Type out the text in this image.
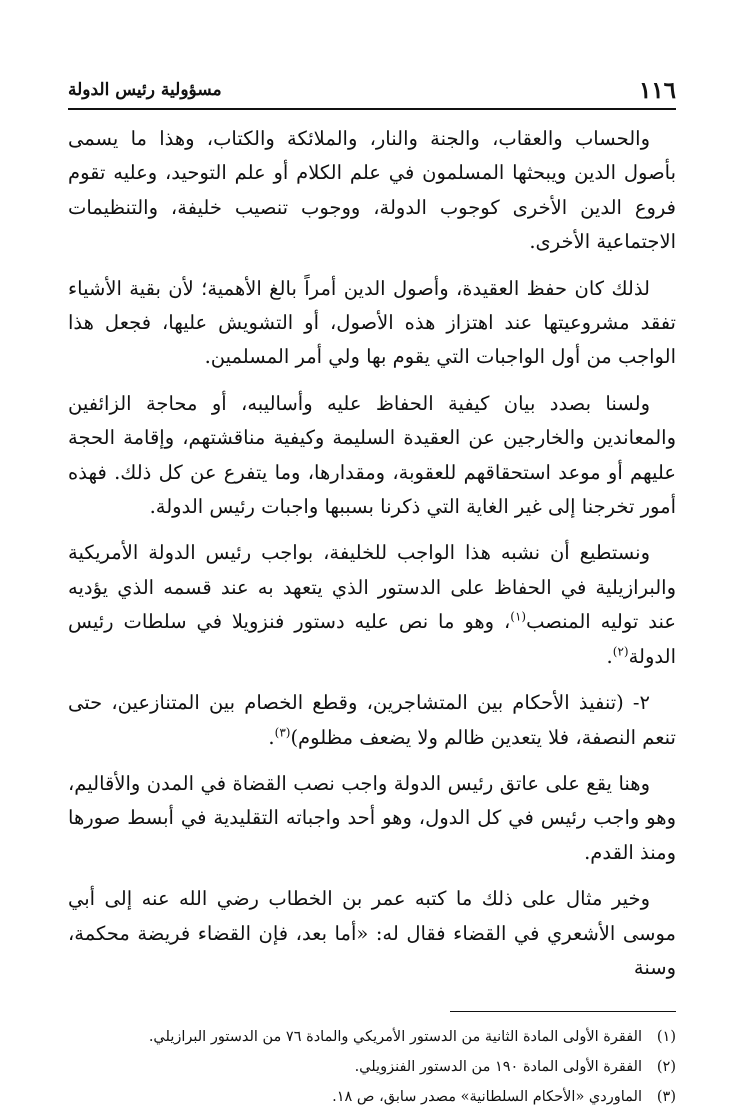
١١٦
مسؤولية رئيس الدولة

والحساب والعقاب، والجنة والنار، والملائكة والكتاب، وهذا ما يسمى بأصول الدين ويبحثها المسلمون في علم الكلام أو علم التوحيد، وعليه تقوم فروع الدين الأخرى كوجوب الدولة، ووجوب تنصيب خليفة، والتنظيمات الاجتماعية الأخرى.

لذلك كان حفظ العقيدة، وأصول الدين أمراً بالغ الأهمية؛ لأن بقية الأشياء تفقد مشروعيتها عند اهتزاز هذه الأصول، أو التشويش عليها، فجعل هذا الواجب من أول الواجبات التي يقوم بها ولي أمر المسلمين.

ولسنا بصدد بيان كيفية الحفاظ عليه وأساليبه، أو محاجة الزائفين والمعاندين والخارجين عن العقيدة السليمة وكيفية مناقشتهم، وإقامة الحجة عليهم أو موعد استحقاقهم للعقوبة، ومقدارها، وما يتفرع عن كل ذلك. فهذه أمور تخرجنا إلى غير الغاية التي ذكرنا بسببها واجبات رئيس الدولة.

ونستطيع أن نشبه هذا الواجب للخليفة، بواجب رئيس الدولة الأمريكية والبرازيلية في الحفاظ على الدستور الذي يتعهد به عند قسمه الذي يؤديه عند توليه المنصب$^{(١)}$، وهو ما نص عليه دستور فنزويلا في سلطات رئيس الدولة$^{(٢)}$.

٢- (تنفيذ الأحكام بين المتشاجرين، وقطع الخصام بين المتنازعين، حتى تنعم النصفة، فلا يتعدين ظالم ولا يضعف مظلوم)$^{(٣)}$.

وهنا يقع على عاتق رئيس الدولة واجب نصب القضاة في المدن والأقاليم، وهو واجب رئيس في كل الدول، وهو أحد واجباته التقليدية في أبسط صورها ومنذ القدم.

وخير مثال على ذلك ما كتبه عمر بن الخطاب رضي الله عنه إلى أبي موسى الأشعري في القضاء فقال له: «أما بعد، فإن القضاء فريضة محكمة، وسنة

(١)
الفقرة الأولى المادة الثانية من الدستور الأمريكي والمادة ٧٦ من الدستور البرازيلي.
(٢)
الفقرة الأولى المادة ١٩٠ من الدستور الفنزويلي.
(٣)
الماوردي «الأحكام السلطانية» مصدر سابق، ص ١٨.
